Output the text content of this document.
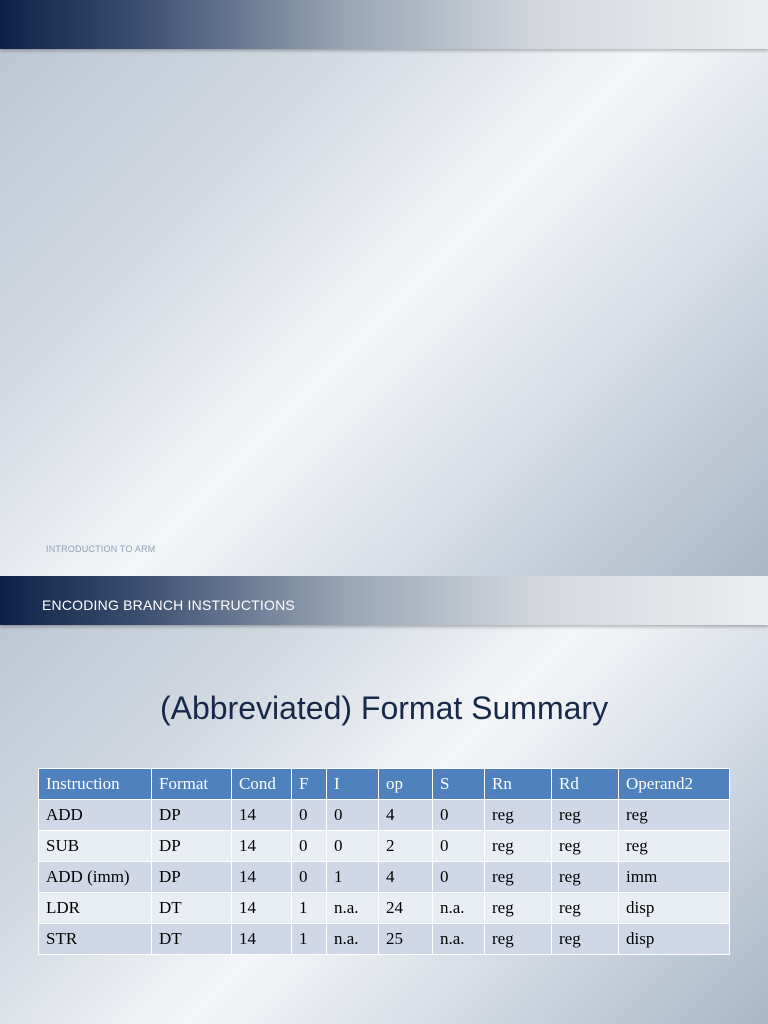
INTRODUCTION TO ARM	2
ENCODING BRANCH INSTRUCTIONS
(Abbreviated) Format Summary
Instruction	Format	Cond	F	I	op	S	Rn	Rd	Operand2
ADD	DP	14	0	0	4	0	reg	reg	reg
SUB	DP	14	0	0	2	0	reg	reg	reg
ADD (imm)	DP	14	0	1	4	0	reg	reg	imm
LDR	DT	14	1	n.a.	24	n.a.	reg	reg	disp
STR	DT	14	1	n.a.	25	n.a.	reg	reg	disp
